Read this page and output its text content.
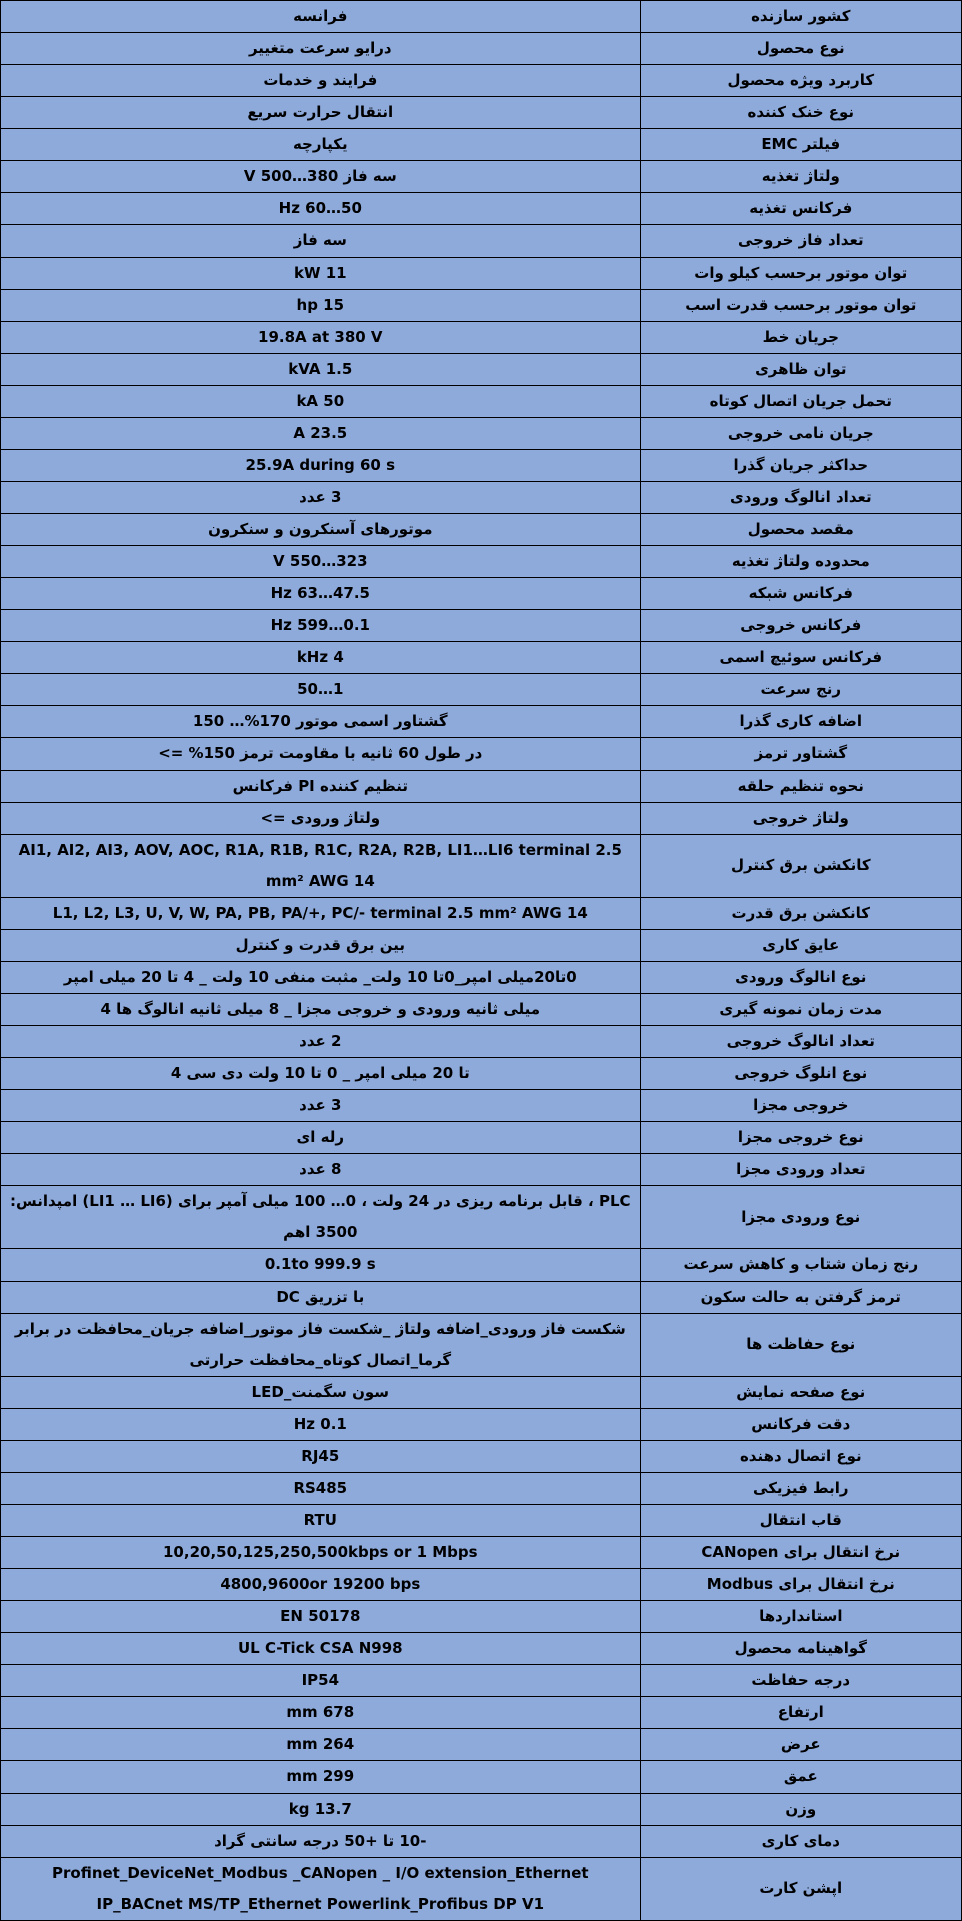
کشور سازنده	فرانسه
نوع محصول	درایو سرعت متغییر
کاربرد ویژه محصول	فرایند و خدمات
نوع خنک کننده	انتقال حرارت سریع
فیلتر EMC	یکپارچه
ولتاژ تغذیه	سه فاز 380…500 V
فرکانس تغذیه	50…60 Hz
تعداد فاز خروجی	سه فاز
توان موتور برحسب کیلو وات	11 kW
توان موتور برحسب قدرت اسب	15 hp
جریان خط	19.8A at 380 V
توان ظاهری	1.5 kVA
تحمل جریان اتصال کوتاه	50 kA
جریان نامی خروجی	23.5 A
حداکثر جریان گذرا	25.9A during 60 s
تعداد انالوگ ورودی	3 عدد
مقصد محصول	موتورهای آسنکرون و سنکرون
محدوده ولتاژ تغذیه	323…550 V
فرکانس شبکه	47.5…63 Hz
فرکانس خروجی	0.1…599 Hz
فرکانس سوئیچ اسمی	4 kHz
رنج سرعت	1…50
اضافه کاری گذرا	گشتاور اسمی موتور 170%… 150
گشتاور ترمز	در طول 60 ثانیه با مقاومت ترمز 150% =>
نحوه تنظیم حلقه	تنظیم کننده PI فرکانس
ولتاژ خروجی	ولتاژ ورودی =>
کانکشن برق کنترل	AI1, AI2, AI3, AOV, AOC, R1A, R1B, R1C, R2A, R2B, LI1…LI6 terminal 2.5 mm² AWG 14
کانکشن برق قدرت	L1, L2, L3, U, V, W, PA, PB, PA/+, PC/- terminal 2.5 mm² AWG 14
عایق کاری	بین برق قدرت و کنترل
نوع انالوگ ورودی	0تا20میلی امپر_0تا 10 ولت_ مثبت منفی 10 ولت _ 4 تا 20 میلی امپر
مدت زمان نمونه گیری	میلی ثانیه ورودی و خروجی مجزا _ 8 میلی ثانیه انالوگ ها 4
تعداد انالوگ خروجی	2 عدد
نوع انلوگ خروجی	تا 20 میلی امپر _ 0 تا 10 ولت دی سی 4
خروجی مجزا	3 عدد
نوع خروجی مجزا	رله ای
تعداد ورودی مجزا	8 عدد
نوع ورودی مجزا	PLC ، قابل برنامه ریزی در 24 ولت ، 0… 100 میلی آمپر برای (LI1 … LI6) امپدانس: 3500 اهم
رنج زمان شتاب و کاهش سرعت	0.1to 999.9 s
ترمز گرفتن به حالت سکون	با تزریق DC
نوع حفاظت ها	شکست فاز ورودی_اضافه ولتاژ _شکست فاز موتور_اضافه جریان_محافظت در برابر گرما_اتصال کوتاه_محافظت حرارتی
نوع صفحه نمایش	سون سگمنت_LED
دقت فرکانس	0.1 Hz
نوع اتصال دهنده	RJ45
رابط فیزیکی	RS485
قاب انتقال	RTU
نرخ انتقال برای CANopen	10,20,50,125,250,500kbps or 1 Mbps
نرخ انتقال برای Modbus	4800,9600or 19200 bps
استانداردها	EN 50178
گواهینامه محصول	UL C-Tick CSA N998
درجه حفاظت	IP54
ارتفاع	678 mm
عرض	264 mm
عمق	299 mm
وزن	13.7 kg
دمای کاری	-10 تا +50 درجه سانتی گراد
اپشن کارت	Profinet_DeviceNet_Modbus _CANopen _ I/O extension_Ethernet IP_BACnet MS/TP_Ethernet Powerlink_Profibus DP V1
